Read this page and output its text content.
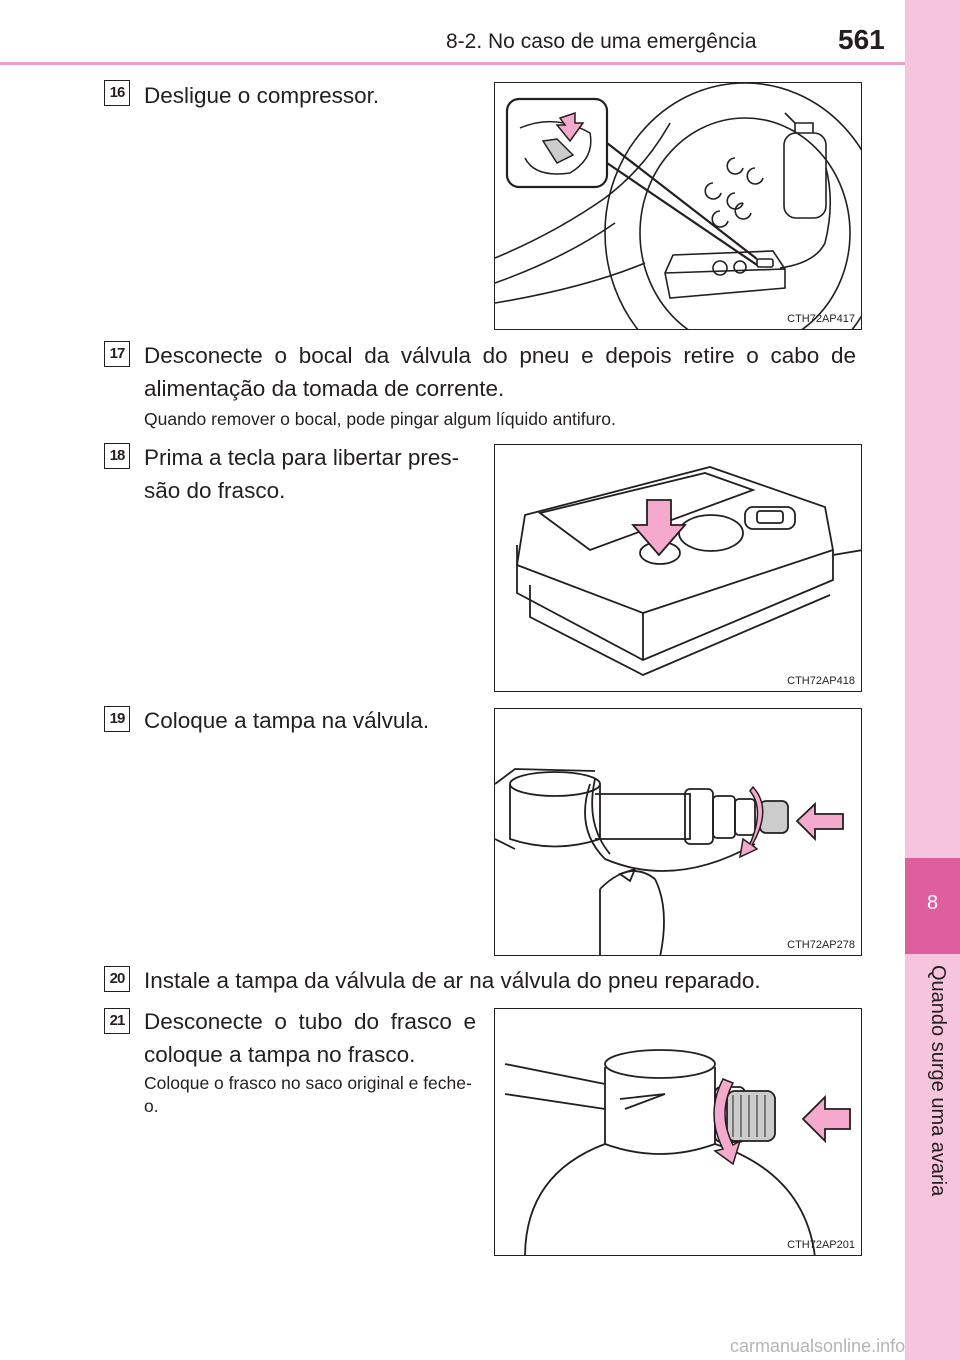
8-2. No caso de uma emergência	561
8
Quando surge uma avaria
16 Desligue o compressor.
CTH72AP417
17 Desconecte o bocal da válvula do pneu e depois retire o cabo de alimentação da tomada de corrente.
Quando remover o bocal, pode pingar algum líquido antifuro.
18 Prima a tecla para libertar pres-são do frasco.
CTH72AP418
19 Coloque a tampa na válvula.
CTH72AP278
20 Instale a tampa da válvula de ar na válvula do pneu reparado.
21 Desconecte o tubo do frasco e coloque a tampa no frasco.
Coloque o frasco no saco original e feche-o.
CTH72AP201
carmanualsonline.info
